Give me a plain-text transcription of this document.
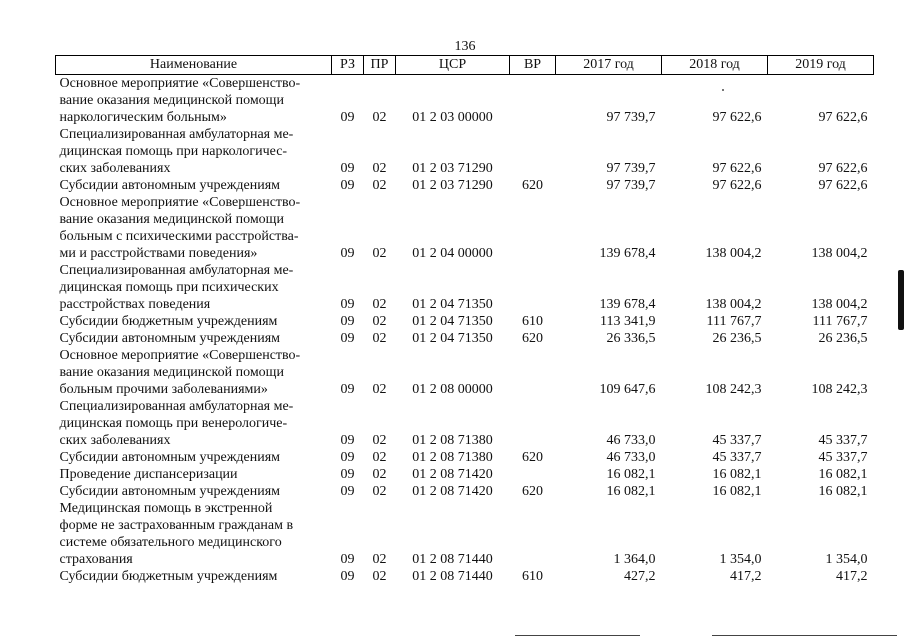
136
Наименование	РЗ	ПР	ЦСР	ВР	2017 год	2018 год	2019 год

Основное мероприятие «Совершенство-
вание оказания медицинской помощи
наркологическим больным»	09	02	01 2 03 00000		97 739,7	97 622,6	97 622,6

Специализированная амбулаторная ме-
дицинская помощь при наркологичес-
ских заболеваниях	09	02	01 2 03 71290		97 739,7	97 622,6	97 622,6

Субсидии автономным учреждениям	09	02	01 2 03 71290	620	97 739,7	97 622,6	97 622,6

Основное мероприятие «Совершенство-
вание оказания медицинской помощи
больным с психическими расстройства-
ми и расстройствами поведения»	09	02	01 2 04 00000		139 678,4	138 004,2	138 004,2

Специализированная амбулаторная ме-
дицинская помощь при психических
расстройствах поведения	09	02	01 2 04 71350		139 678,4	138 004,2	138 004,2

Субсидии бюджетным учреждениям	09	02	01 2 04 71350	610	113 341,9	111 767,7	111 767,7

Субсидии автономным учреждениям	09	02	01 2 04 71350	620	26 336,5	26 236,5	26 236,5

Основное мероприятие «Совершенство-
вание оказания медицинской помощи
больным прочими заболеваниями»	09	02	01 2 08 00000		109 647,6	108 242,3	108 242,3

Специализированная амбулаторная ме-
дицинская помощь при венерологиче-
ских заболеваниях	09	02	01 2 08 71380		46 733,0	45 337,7	45 337,7

Субсидии автономным учреждениям	09	02	01 2 08 71380	620	46 733,0	45 337,7	45 337,7

Проведение диспансеризации	09	02	01 2 08 71420		16 082,1	16 082,1	16 082,1

Субсидии автономным учреждениям	09	02	01 2 08 71420	620	16 082,1	16 082,1	16 082,1

Медицинская помощь в экстренной
форме не застрахованным гражданам в
системе обязательного медицинского
страхования	09	02	01 2 08 71440		1 364,0	1 354,0	1 354,0

Субсидии бюджетным учреждениям	09	02	01 2 08 71440	610	427,2	417,2	417,2
